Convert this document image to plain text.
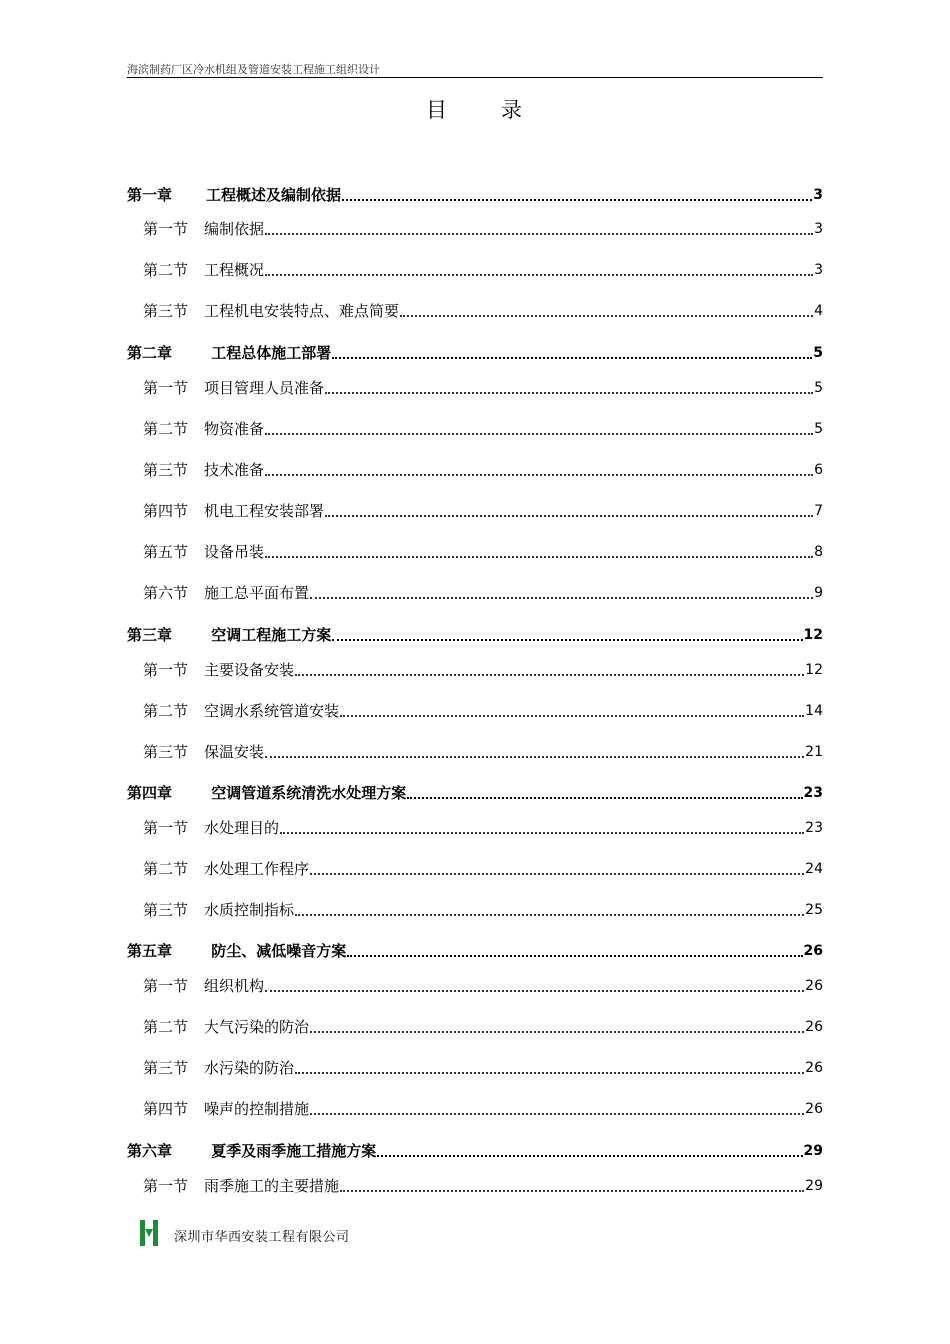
海滨制药厂区冷水机组及管道安装工程施工组织设计
目 录
第一章	工程概述及编制依据	3
第一节	编制依据	3
第二节	工程概况	3
第三节	工程机电安装特点、难点简要	4
第二章	工程总体施工部署	5
第一节	项目管理人员准备	5
第二节	物资准备	5
第三节	技术准备	6
第四节	机电工程安装部署	7
第五节	设备吊装	8
第六节	施工总平面布置	9
第三章	空调工程施工方案	12
第一节	主要设备安装	12
第二节	空调水系统管道安装	14
第三节	保温安装	21
第四章	空调管道系统清洗水处理方案	23
第一节	水处理目的	23
第二节	水处理工作程序	24
第三节	水质控制指标	25
第五章	防尘、减低噪音方案	26
第一节	组织机构	26
第二节	大气污染的防治	26
第三节	水污染的防治	26
第四节	噪声的控制措施	26
第六章	夏季及雨季施工措施方案	29
第一节	雨季施工的主要措施	29
深圳市华西安装工程有限公司
